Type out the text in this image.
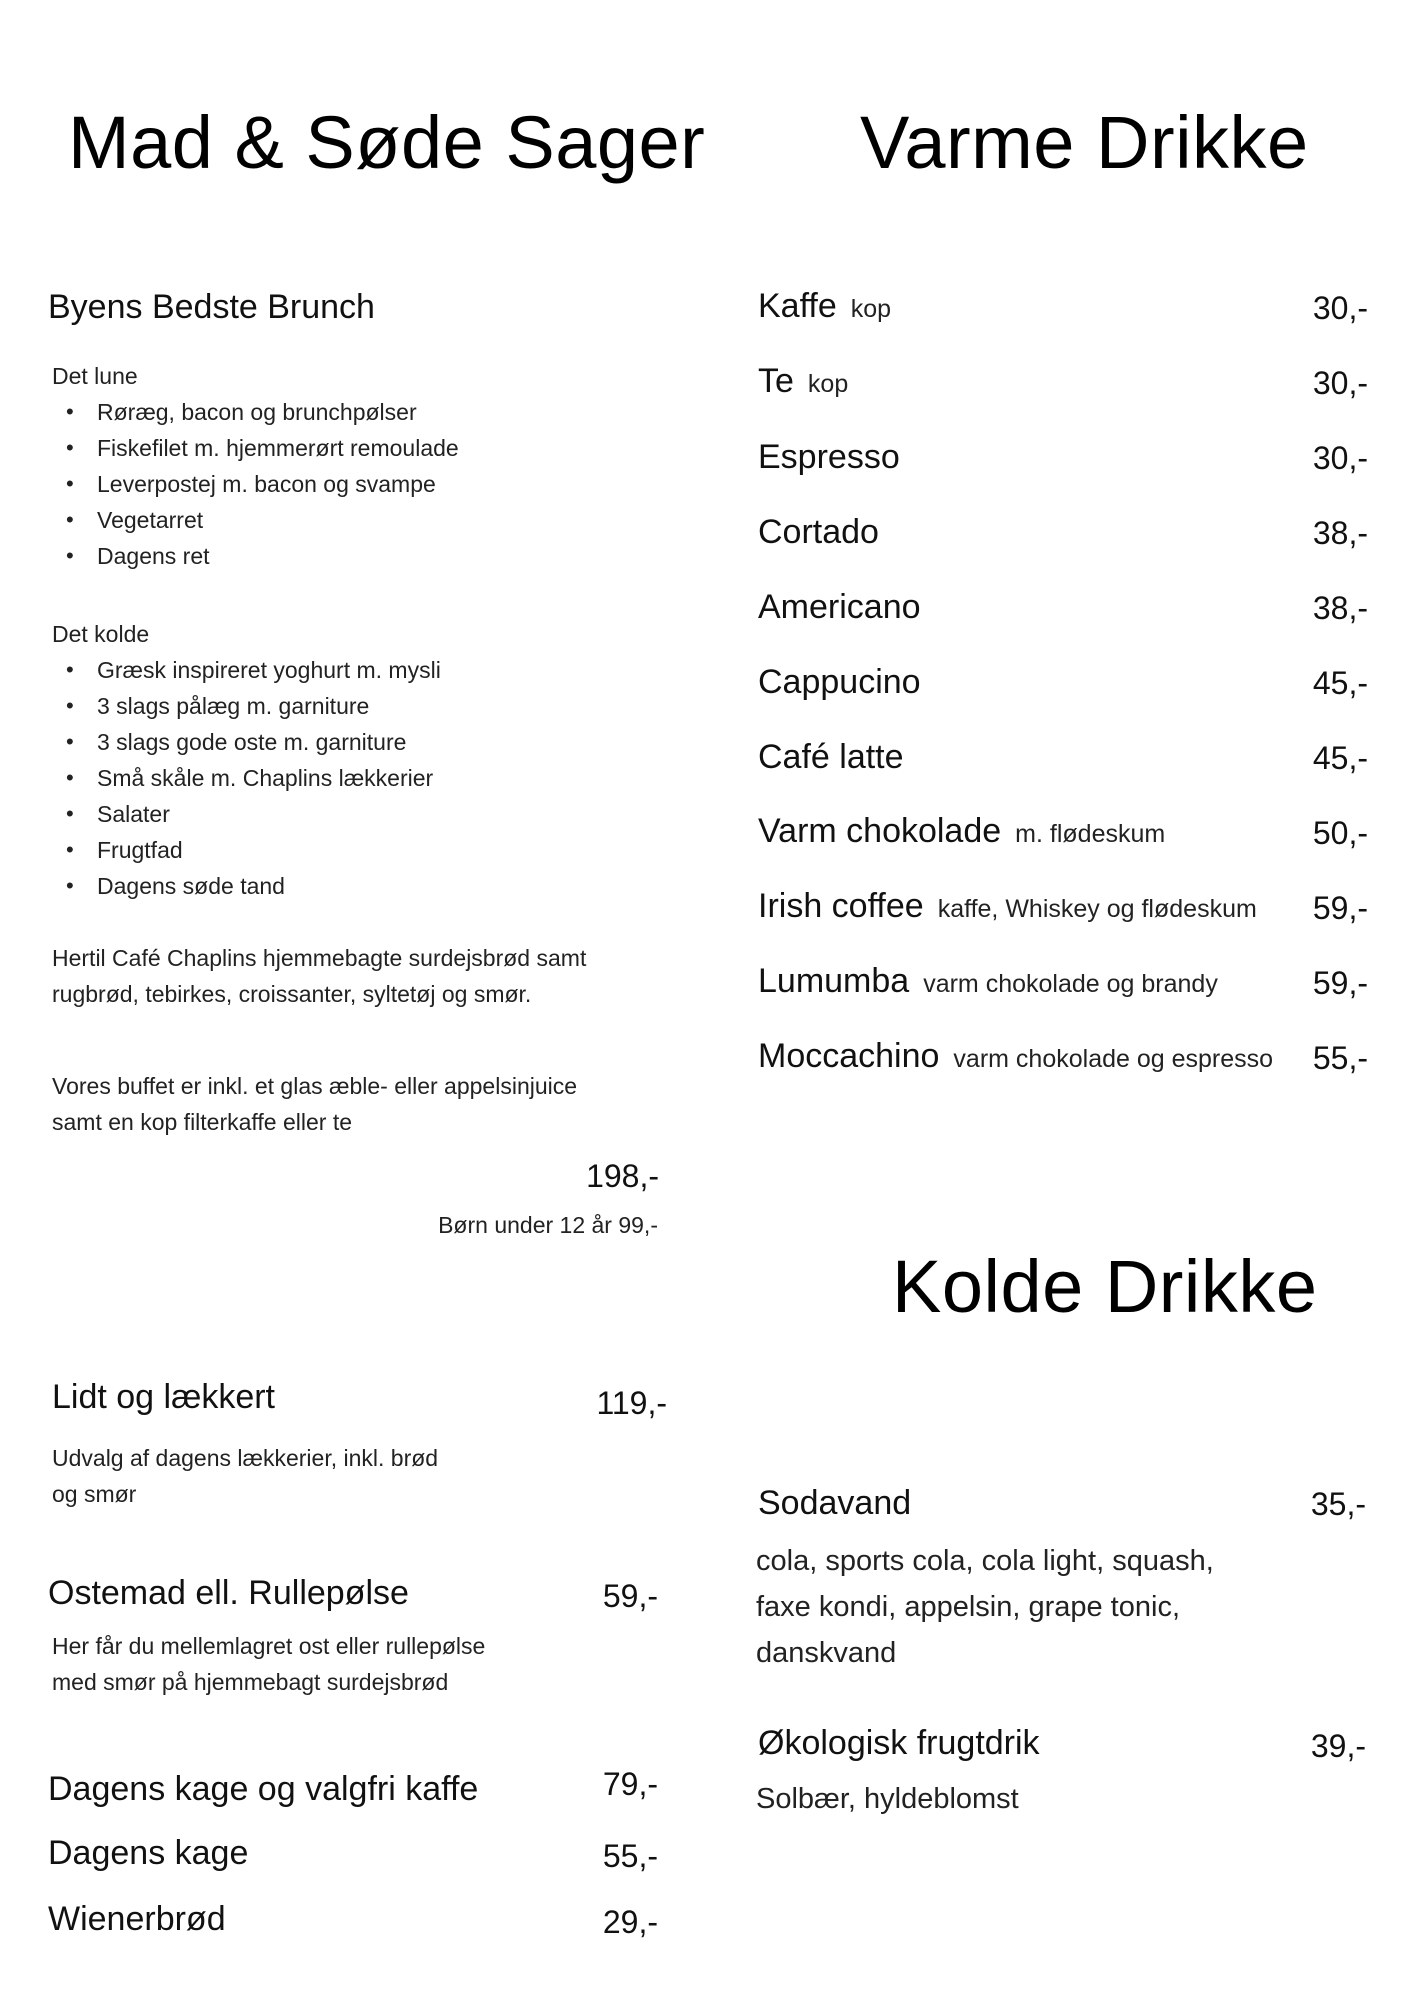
Mad & Søde Sager
Byens Bedste Brunch
Det lune
• Røræg, bacon og brunchpølser
• Fiskefilet m. hjemmerørt remoulade
• Leverpostej m. bacon og svampe
• Vegetarret
• Dagens ret
Det kolde
• Græsk inspireret yoghurt m. mysli
• 3 slags pålæg m. garniture
• 3 slags gode oste m. garniture
• Små skåle m. Chaplins lækkerier
• Salater
• Frugtfad
• Dagens søde tand
Hertil Café Chaplins hjemmebagte surdejsbrød samt
rugbrød, tebirkes, croissanter, syltetøj og smør.
Vores buffet er inkl. et glas æble- eller appelsinjuice
samt en kop filterkaffe eller te
198,-
Børn under 12 år 99,-
Lidt og lækkert	119,-
Udvalg af dagens lækkerier, inkl. brød
og smør
Ostemad ell. Rullepølse	59,-
Her får du mellemlagret ost eller rullepølse
med smør på hjemmebagt surdejsbrød
Dagens kage og valgfri kaffe	79,-
Dagens kage	55,-
Wienerbrød	29,-
Varme Drikke
Kaffe kop	30,-
Te kop	30,-
Espresso	30,-
Cortado	38,-
Americano	38,-
Cappucino	45,-
Café latte	45,-
Varm chokolade m. flødeskum	50,-
Irish coffee kaffe, Whiskey og flødeskum 59,-
Lumumba varm chokolade og brandy	59,-
Moccachino varm chokolade og espresso 55,-
Kolde Drikke
Sodavand	35,-
cola, sports cola, cola light, squash,
faxe kondi, appelsin, grape tonic,
danskvand
Økologisk frugtdrik	39,-
Solbær, hyldeblomst
